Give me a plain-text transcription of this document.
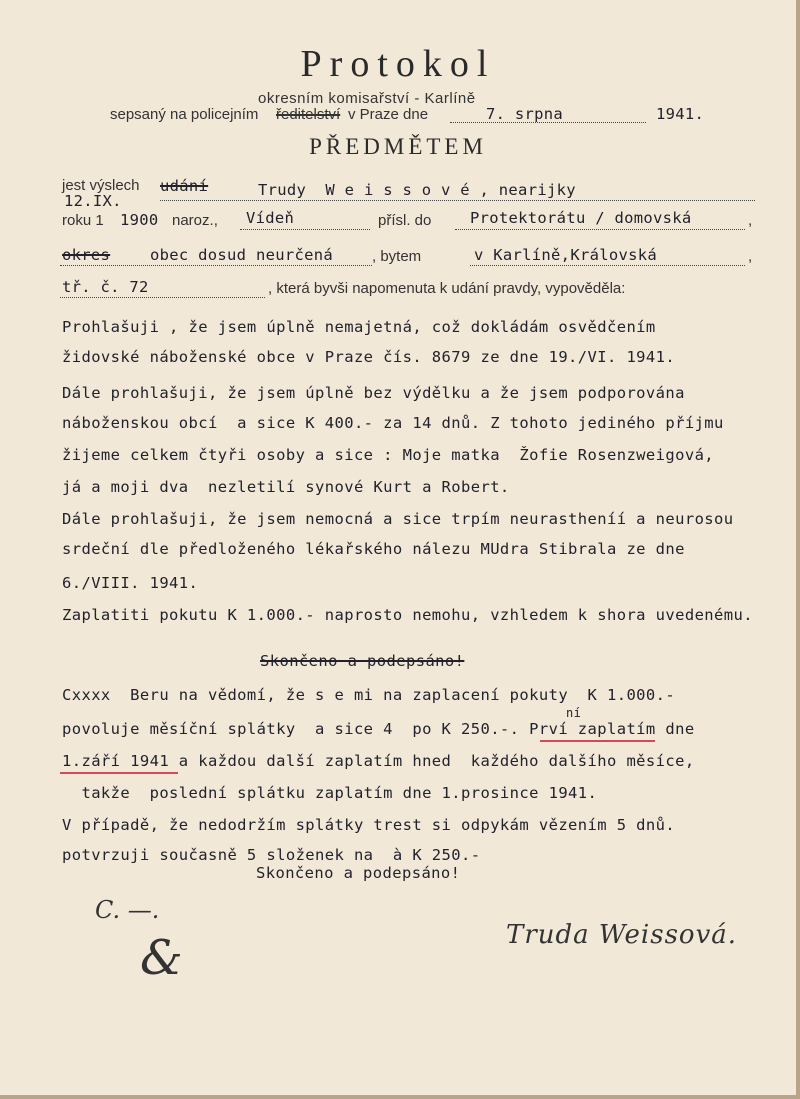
Protokol
okresním komisařství - Karlíně
sepsaný na policejním ředitelství v Praze dne	7. srpna	1941.
PŘEDMĚTEM
jest výslech udání	Trudy  W e i s s o v é , nearijky
12.IX.
roku 1 1900 naroz., Vídeň	přísl. do Protektorátu / domovská	,
okres	obec dosud neurčená	, bytem	v Karlíně,Královská	,
tř. č. 72	, která byvši napomenuta k udání pravdy, vypověděla:
Prohlašuji , že jsem úplně nemajetná, což dokládám osvědčením
židovské náboženské obce v Praze čís. 8679 ze dne 19./VI. 1941.
Dále prohlašuji, že jsem úplně bez výdělku a že jsem podporována
náboženskou obcí  a sice K 400.- za 14 dnů. Z tohoto jediného příjmu
žijeme celkem čtyři osoby a sice : Moje matka  Žofie Rosenzweigová,
já a moji dva  nezletilí synové Kurt a Robert.
Dále prohlašuji, že jsem nemocná a sice trpím neurastheníí a neurosou
srdeční dle předloženého lékařského nálezu MUdra Stibrala ze dne
6./VIII. 1941.
Zaplatiti pokutu K 1.000.- naprosto nemohu, vzhledem k shora uvedenému.
Skončeno a podepsáno!
Cxxxx  Beru na vědomí, že s e mi na zaplacení pokuty  K 1.000.-
ní
povoluje měsíční splátky  a sice 4  po K 250.-. Prví zaplatím dne
1.září 1941 a každou další zaplatím hned  každého dalšího měsíce,
takže  poslední splátku zaplatím dne 1.prosince 1941.
V případě, že nedodržím splátky trest si odpykám vězením 5 dnů.
potvrzuji současně 5 složenek na  à K 250.-
Skončeno a podepsáno!
C. —.
&	Truda Weissová.
